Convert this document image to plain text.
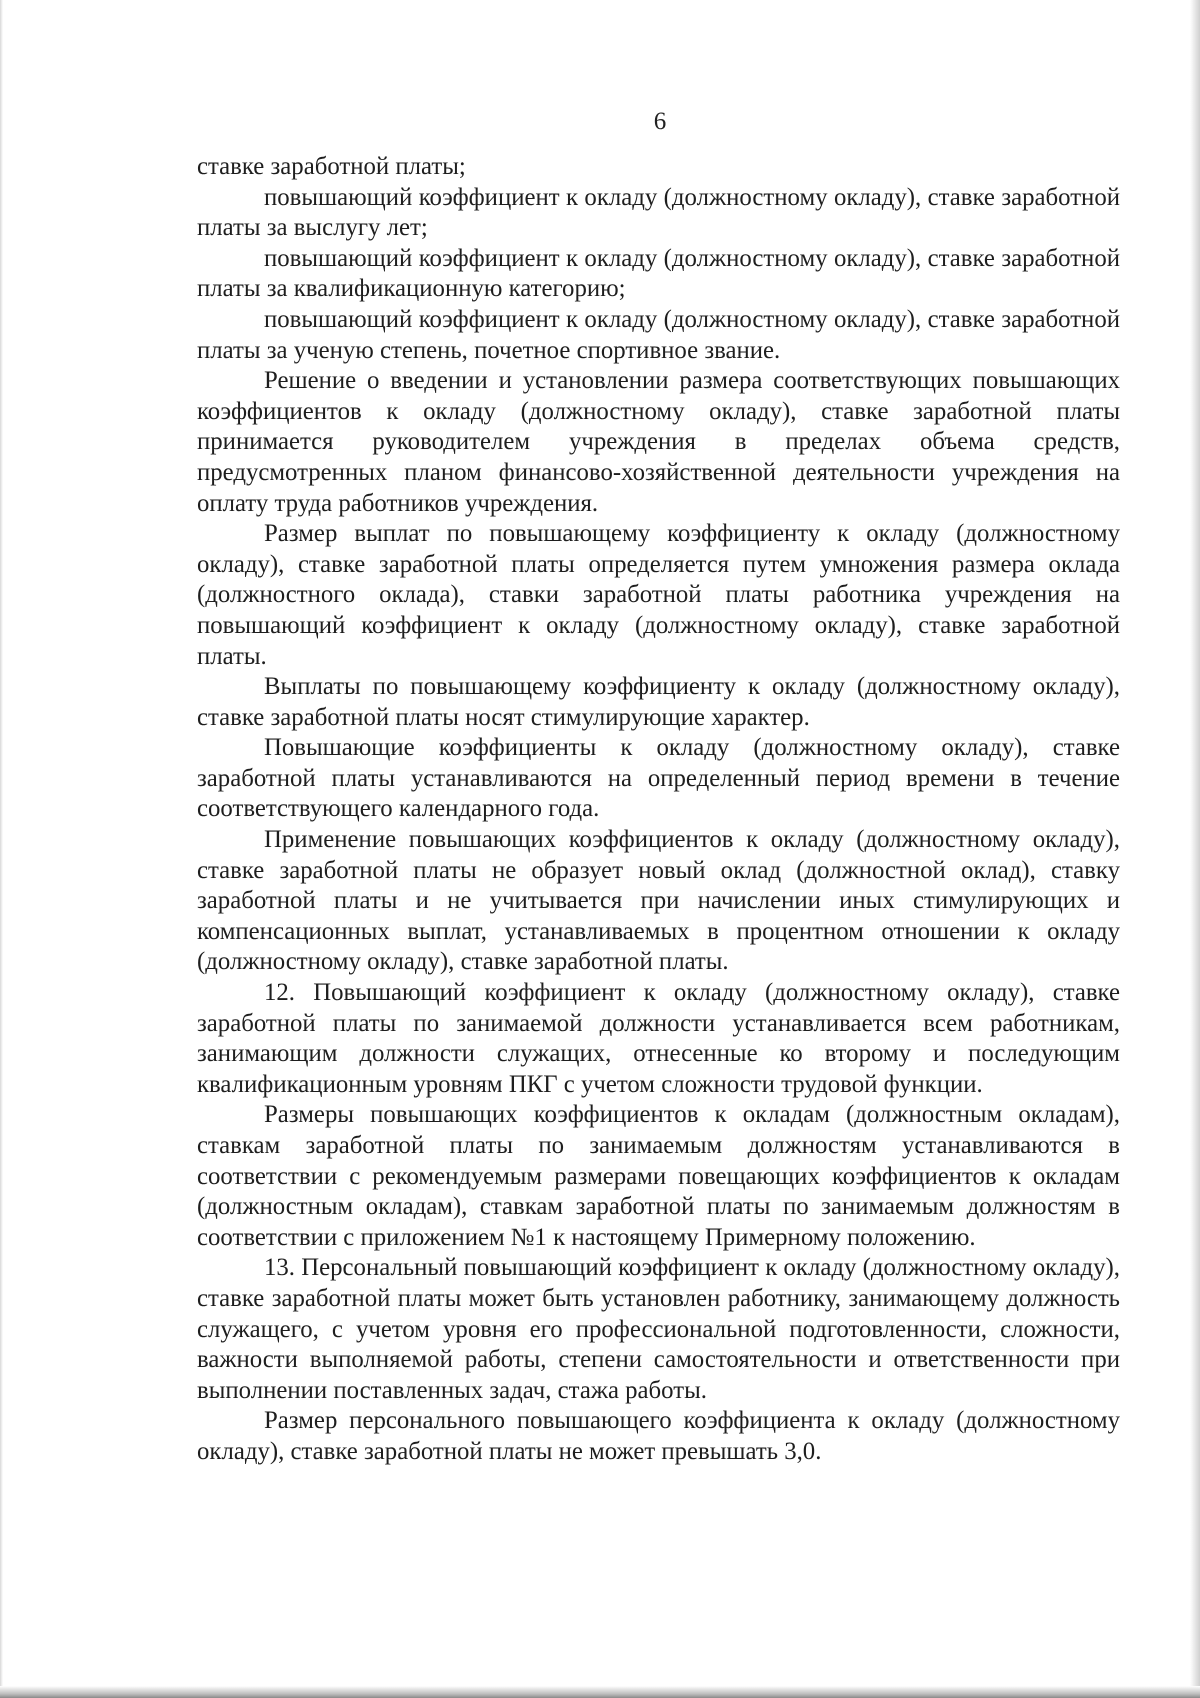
6

ставке заработной платы;

повышающий коэффициент к окладу (должностному окладу), ставке заработной платы за выслугу лет;

повышающий коэффициент к окладу (должностному окладу), ставке заработной платы за квалификационную категорию;

повышающий коэффициент к окладу (должностному окладу), ставке заработной платы за ученую степень, почетное спортивное звание.

Решение о введении и установлении размера соответствующих повышающих коэффициентов к окладу (должностному окладу), ставке заработной платы принимается руководителем учреждения в пределах объема средств, предусмотренных планом финансово-хозяйственной деятельности учреждения на оплату труда работников учреждения.

Размер выплат по повышающему коэффициенту к окладу (должностному окладу), ставке заработной платы определяется путем умножения размера оклада (должностного оклада), ставки заработной платы работника учреждения на повышающий коэффициент к окладу (должностному окладу), ставке заработной платы.

Выплаты по повышающему коэффициенту к окладу (должностному окладу), ставке заработной платы носят стимулирующие характер.

Повышающие коэффициенты к окладу (должностному окладу), ставке заработной платы устанавливаются на определенный период времени в течение соответствующего календарного года.

Применение повышающих коэффициентов к окладу (должностному окладу), ставке заработной платы не образует новый оклад (должностной оклад), ставку заработной платы и не учитывается при начислении иных стимулирующих и компенсационных выплат, устанавливаемых в процентном отношении к окладу (должностному окладу), ставке заработной платы.

12. Повышающий коэффициент к окладу (должностному окладу), ставке заработной платы по занимаемой должности устанавливается всем работникам, занимающим должности служащих, отнесенные ко второму и последующим квалификационным уровням ПКГ с учетом сложности трудовой функции.

Размеры повышающих коэффициентов к окладам (должностным окладам), ставкам заработной платы по занимаемым должностям устанавливаются в соответствии с рекомендуемым размерами повещающих коэффициентов к окладам (должностным окладам), ставкам заработной платы по занимаемым должностям в соответствии с приложением №1 к настоящему Примерному положению.

13. Персональный повышающий коэффициент к окладу (должностному окладу), ставке заработной платы может быть установлен работнику, занимающему должность служащего, с учетом уровня его профессиональной подготовленности, сложности, важности выполняемой работы, степени самостоятельности и ответственности при выполнении поставленных задач, стажа работы.

Размер персонального повышающего коэффициента к окладу (должностному окладу), ставке заработной платы не может превышать 3,0.
